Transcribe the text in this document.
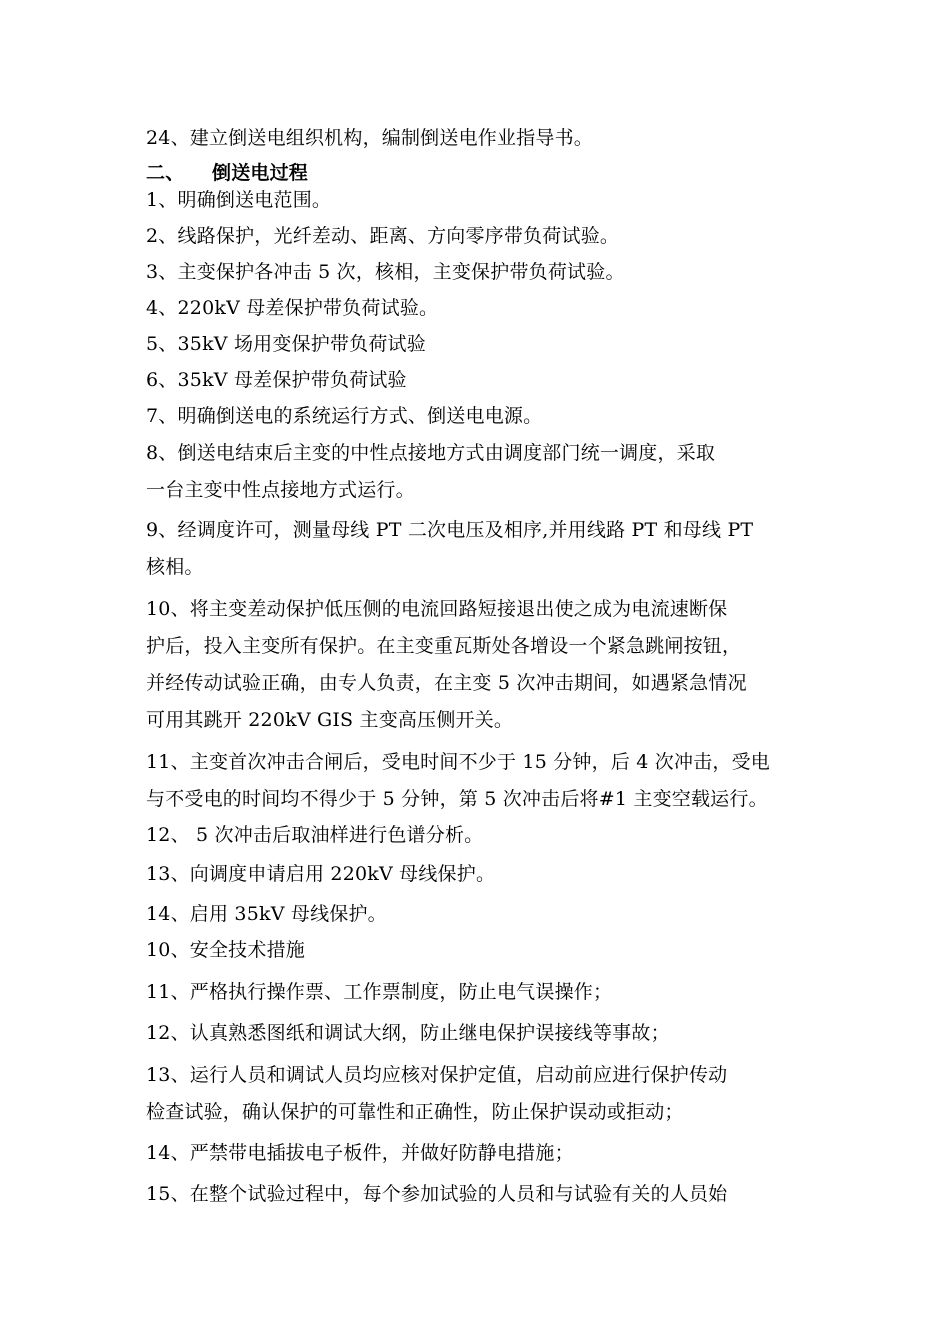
24、建立倒送电组织机构，编制倒送电作业指导书。
二、 倒送电过程
1、明确倒送电范围。
2、线路保护，光纤差动、距离、方向零序带负荷试验。
3、主变保护各冲击 5 次，核相，主变保护带负荷试验。
4、220kV 母差保护带负荷试验。
5、35kV 场用变保护带负荷试验
6、35kV 母差保护带负荷试验
7、明确倒送电的系统运行方式、倒送电电源。
8、倒送电结束后主变的中性点接地方式由调度部门统一调度，采取
一台主变中性点接地方式运行。
9、经调度许可，测量母线 PT 二次电压及相序,并用线路 PT 和母线 PT
核相。
10、将主变差动保护低压侧的电流回路短接退出使之成为电流速断保
护后，投入主变所有保护。在主变重瓦斯处各增设一个紧急跳闸按钮，
并经传动试验正确，由专人负责，在主变 5 次冲击期间，如遇紧急情况
可用其跳开 220kV GIS 主变高压侧开关。
11、主变首次冲击合闸后，受电时间不少于 15 分钟，后 4 次冲击，受电
与不受电的时间均不得少于 5 分钟，第 5 次冲击后将#1 主变空载运行。
12、 5 次冲击后取油样进行色谱分析。
13、向调度申请启用 220kV 母线保护。
14、启用 35kV 母线保护。
10、安全技术措施
11、严格执行操作票、工作票制度，防止电气误操作；
12、认真熟悉图纸和调试大纲，防止继电保护误接线等事故；
13、运行人员和调试人员均应核对保护定值，启动前应进行保护传动
检查试验，确认保护的可靠性和正确性，防止保护误动或拒动；
14、严禁带电插拔电子板件，并做好防静电措施；
15、在整个试验过程中，每个参加试验的人员和与试验有关的人员始
